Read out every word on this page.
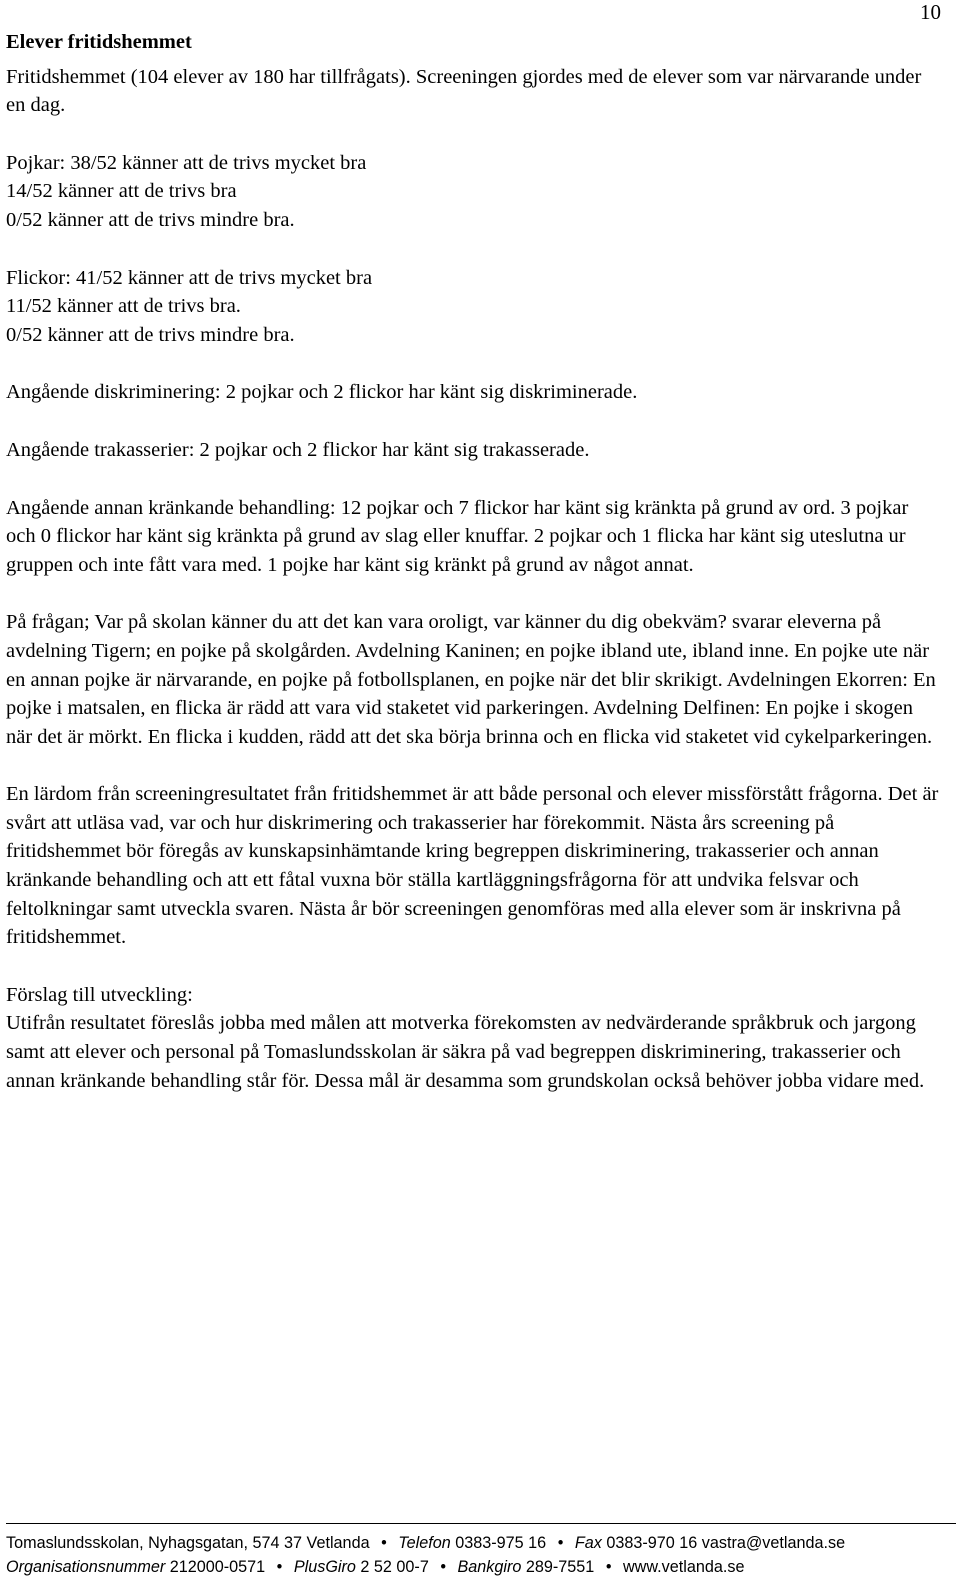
10
Elever fritidshemmet

Fritidshemmet (104 elever av 180 har tillfrågats). Screeningen gjordes med de elever som var närvarande under en dag.

Pojkar: 38/52 känner att de trivs mycket bra
14/52 känner att de trivs bra
0/52 känner att de trivs mindre bra.

Flickor: 41/52 känner att de trivs mycket bra
11/52 känner att de trivs bra.
0/52 känner att de trivs mindre bra.

Angående diskriminering: 2 pojkar och 2 flickor har känt sig diskriminerade.

Angående trakasserier: 2 pojkar och 2 flickor har känt sig trakasserade.

Angående annan kränkande behandling: 12 pojkar och 7 flickor har känt sig kränkta på grund av ord. 3 pojkar och 0 flickor har känt sig kränkta på grund av slag eller knuffar. 2 pojkar och 1 flicka har känt sig uteslutna ur gruppen och inte fått vara med. 1 pojke har känt sig kränkt på grund av något annat.

På frågan; Var på skolan känner du att det kan vara oroligt, var känner du dig obekväm? svarar eleverna på avdelning Tigern; en pojke på skolgården. Avdelning Kaninen; en pojke ibland ute, ibland inne. En pojke ute när en annan pojke är närvarande, en pojke på fotbollsplanen, en pojke när det blir skrikigt. Avdelningen Ekorren: En pojke i matsalen, en flicka är rädd att vara vid staketet vid parkeringen. Avdelning Delfinen: En pojke i skogen när det är mörkt. En flicka i kudden, rädd att det ska börja brinna och en flicka vid staketet vid cykelparkeringen.

En lärdom från screeningresultatet från fritidshemmet är att både personal och elever missförstått frågorna. Det är svårt att utläsa vad, var och hur diskrimering och trakasserier har förekommit. Nästa års screening på fritidshemmet bör föregås av kunskapsinhämtande kring begreppen diskriminering, trakasserier och annan kränkande behandling och att ett fåtal vuxna bör ställa kartläggningsfrågorna för att undvika felsvar och feltolkningar samt utveckla svaren. Nästa år bör screeningen genomföras med alla elever som är inskrivna på fritidshemmet.

Förslag till utveckling:

Utifrån resultatet föreslås jobba med målen att motverka förekomsten av nedvärderande språkbruk och jargong samt att elever och personal på Tomaslundsskolan är säkra på vad begreppen diskriminering, trakasserier och annan kränkande behandling står för. Dessa mål är desamma som grundskolan också behöver jobba vidare med.

Tomaslundsskolan, Nyhagsgatan, 574 37 Vetlanda • Telefon 0383-975 16 • Fax 0383-970 16 vastra@vetlanda.se
Organisationsnummer 212000-0571 • PlusGiro 2 52 00-7 • Bankgiro 289-7551 • www.vetlanda.se
